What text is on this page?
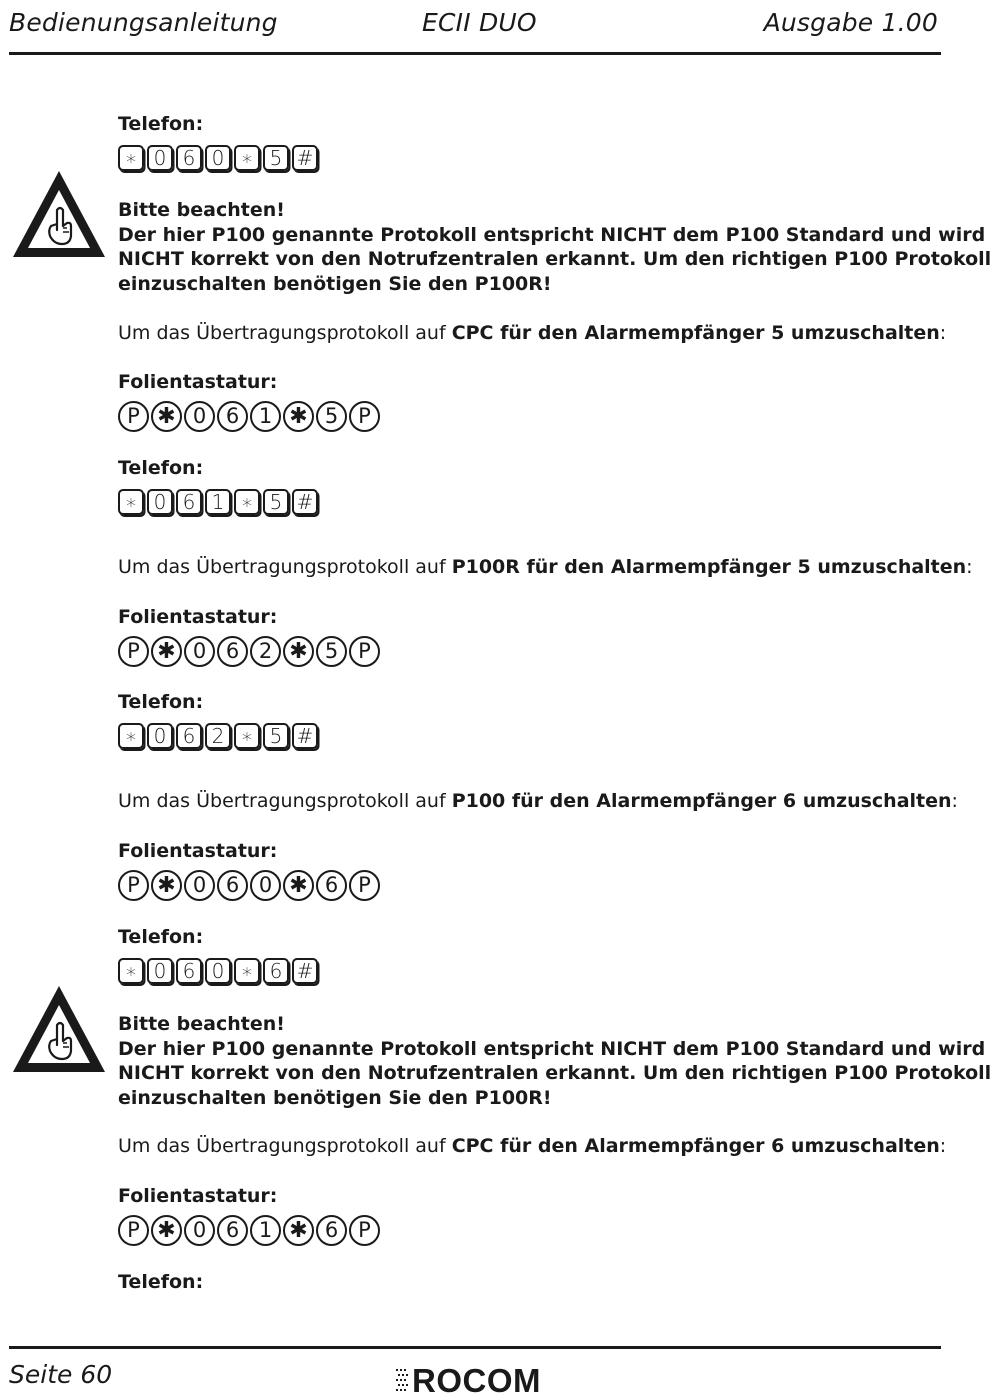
Bedienungsanleitung	ECII DUO	Ausgabe 1.00
Telefon:
∗ 0 6 0 ∗ 5 #
Bitte beachten!
Der hier P100 genannte Protokoll entspricht NICHT dem P100 Standard und wird
NICHT korrekt von den Notrufzentralen erkannt. Um den richtigen P100 Protokoll
einzuschalten benötigen Sie den P100R!
Um das Übertragungsprotokoll auf CPC für den Alarmempfänger 5 umzuschalten:
Folientastatur:
P ✱ 0 6 1 ✱ 5 P
Telefon:
∗ 0 6 1 ∗ 5 #
Um das Übertragungsprotokoll auf P100R für den Alarmempfänger 5 umzuschalten:
Folientastatur:
P ✱ 0 6 2 ✱ 5 P
Telefon:
∗ 0 6 2 ∗ 5 #
Um das Übertragungsprotokoll auf P100 für den Alarmempfänger 6 umzuschalten:
Folientastatur:
P ✱ 0 6 0 ✱ 6 P
Telefon:
∗ 0 6 0 ∗ 6 #
Bitte beachten!
Der hier P100 genannte Protokoll entspricht NICHT dem P100 Standard und wird
NICHT korrekt von den Notrufzentralen erkannt. Um den richtigen P100 Protokoll
einzuschalten benötigen Sie den P100R!
Um das Übertragungsprotokoll auf CPC für den Alarmempfänger 6 umzuschalten:
Folientastatur:
P ✱ 0 6 1 ✱ 6 P
Telefon:
Seite 60	ROCOM
